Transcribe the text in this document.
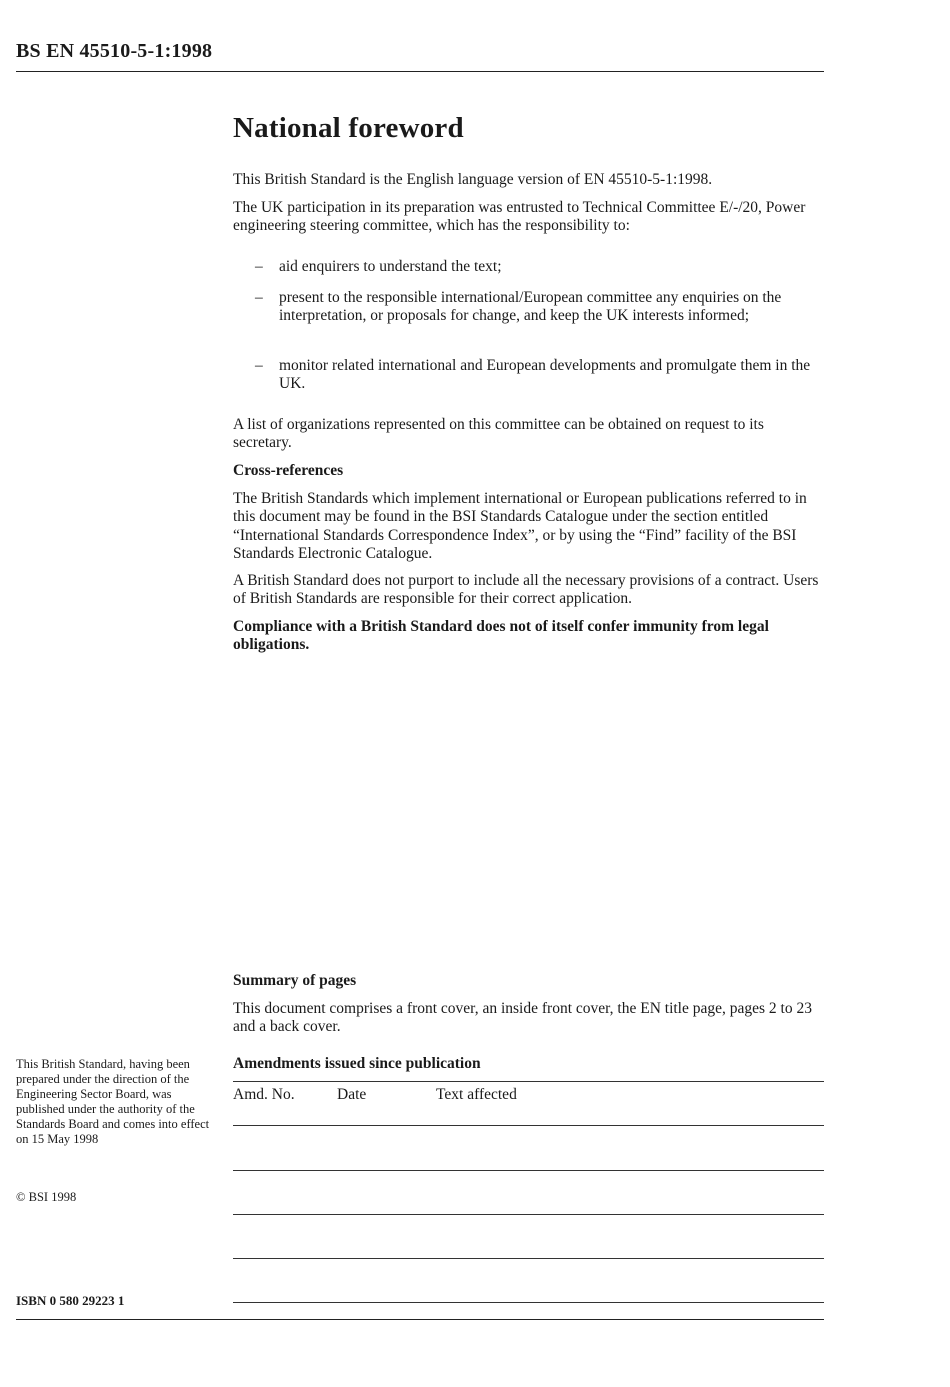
BS EN 45510-5-1:1998
National foreword

This British Standard is the English language version of EN 45510-5-1:1998.

The UK participation in its preparation was entrusted to Technical Committee E/-/20, Power engineering steering committee, which has the responsibility to:

– aid enquirers to understand the text;
– present to the responsible international/European committee any enquiries on the interpretation, or proposals for change, and keep the UK interests informed;
– monitor related international and European developments and promulgate them in the UK.

A list of organizations represented on this committee can be obtained on request to its secretary.

Cross-references

The British Standards which implement international or European publications referred to in this document may be found in the BSI Standards Catalogue under the section entitled “International Standards Correspondence Index”, or by using the “Find” facility of the BSI Standards Electronic Catalogue.

A British Standard does not purport to include all the necessary provisions of a contract. Users of British Standards are responsible for their correct application.

Compliance with a British Standard does not of itself confer immunity from legal obligations.

Summary of pages

This document comprises a front cover, an inside front cover, the EN title page, pages 2 to 23 and a back cover.

This British Standard, having been prepared under the direction of the Engineering Sector Board, was published under the authority of the Standards Board and comes into effect on 15 May 1998
© BSI 1998
Amendments issued since publication
Amd. No.	Date	Text affected
ISBN 0 580 29223 1
